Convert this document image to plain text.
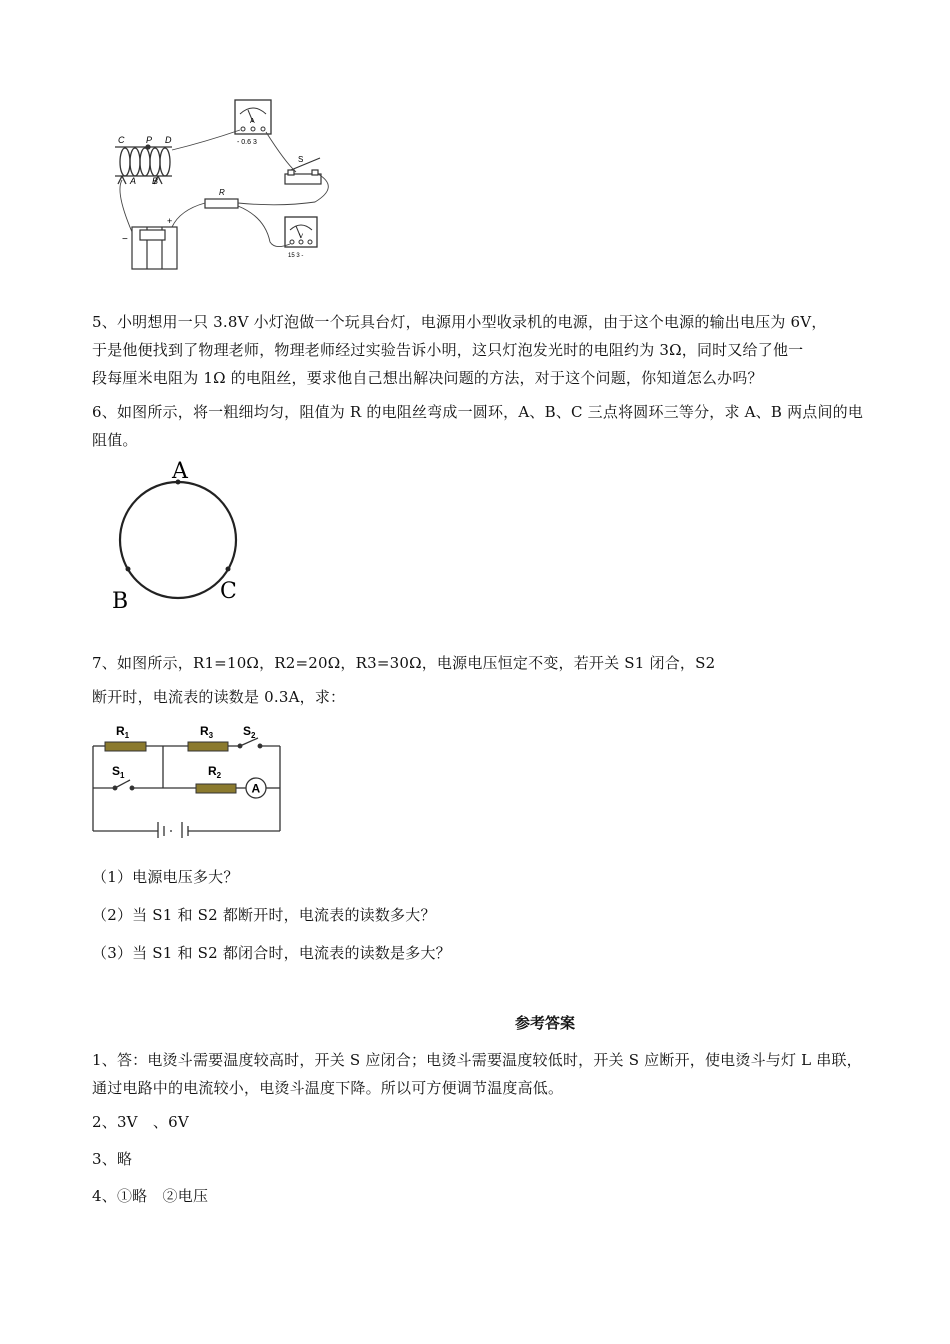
C P D
A B
A
- 0.6 3
S
R
+
−	V
15 3 -
5、小明想用一只 3.8V 小灯泡做一个玩具台灯，电源用小型收录机的电源，由于这个电源的输出电压为 6V，
于是他便找到了物理老师，物理老师经过实验告诉小明，这只灯泡发光时的电阻约为 3Ω，同时又给了他一
段每厘米电阻为 1Ω 的电阻丝，要求他自己想出解决问题的方法，对于这个问题，你知道怎么办吗？
6、如图所示，将一粗细均匀，阻值为 R 的电阻丝弯成一圆环，A、B、C 三点将圆环三等分，求 A、B 两点间的电
阻值。
A
B	C
7、如图所示，R1=10Ω，R2=20Ω，R3=30Ω，电源电压恒定不变，若开关 S1 闭合，S2
断开时，电流表的读数是 0.3A，求：
A
$R_1$	$R_3$ $S_2$
$S_1$	$R_2$
（1）电源电压多大？
（2）当 S1 和 S2 都断开时，电流表的读数多大？
（3）当 S1 和 S2 都闭合时，电流表的读数是多大？
参考答案
1、答：电烫斗需要温度较高时，开关 S 应闭合；电烫斗需要温度较低时，开关 S 应断开，使电烫斗与灯 L 串联，
通过电路中的电流较小，电烫斗温度下降。所以可方便调节温度高低。
2、3V　、6V
3、略
4、①略　②电压
